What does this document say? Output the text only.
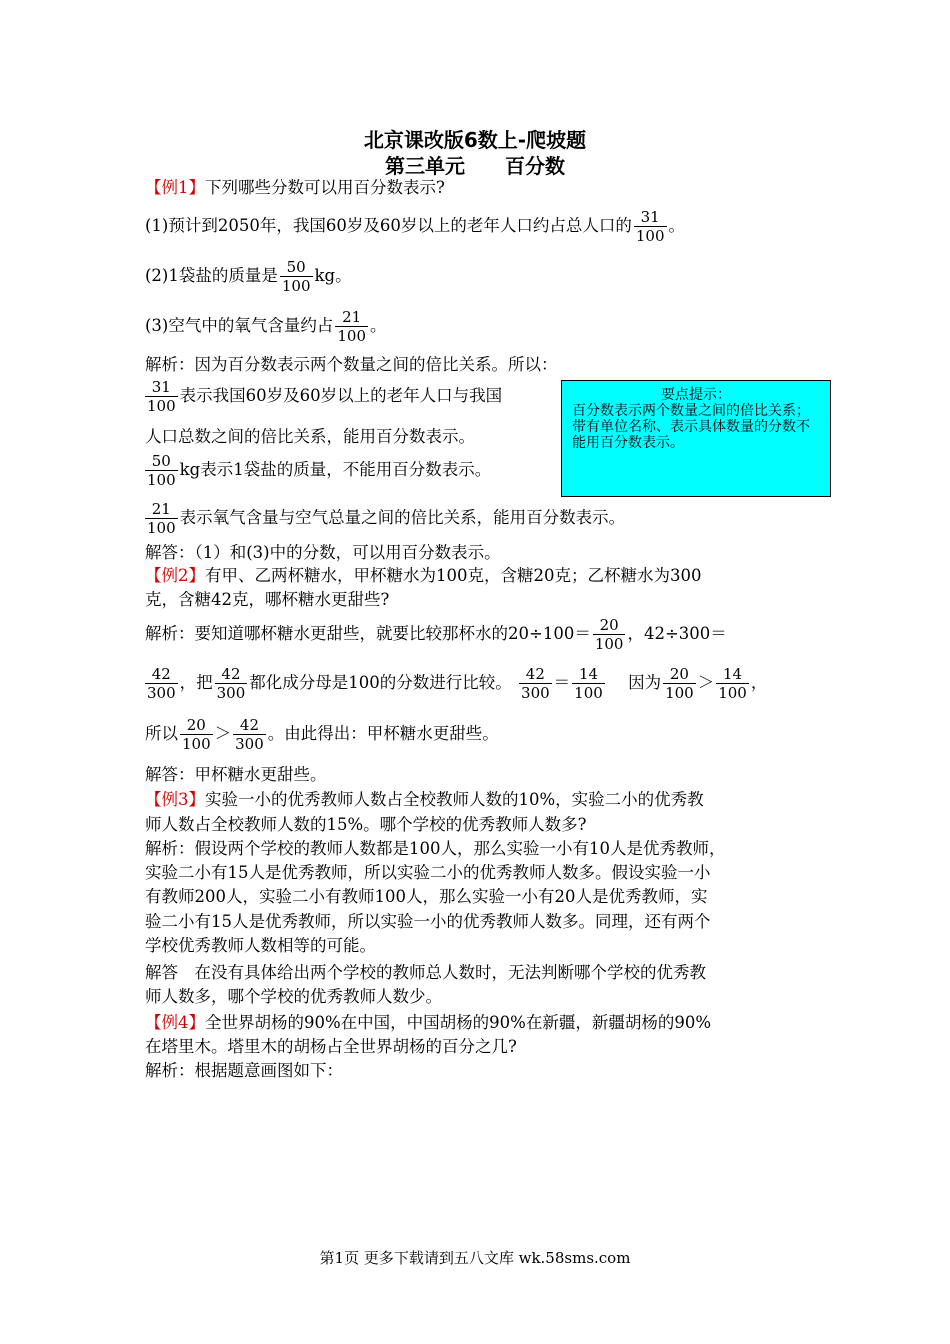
北京课改版6数上-爬坡题
第三单元　　百分数
【例1】下列哪些分数可以用百分数表示?
(1)预计到2050年，我国60岁及60岁以上的老年人口约占总人口的 $\frac{31}{100}$ 。
(2)1袋盐的质量是 $\frac{50}{100}$ kg。
(3)空气中的氧气含量约占 $\frac{21}{100}$ 。
解析：因为百分数表示两个数量之间的倍比关系。所以：
$\frac{31}{100}$ 表示我国60岁及60岁以上的老年人口与我国
人口总数之间的倍比关系，能用百分数表示。
$\frac{50}{100}$ kg表示1袋盐的质量，不能用百分数表示。
$\frac{21}{100}$ 表示氧气含量与空气总量之间的倍比关系，能用百分数表示。
解答：（1）和(3)中的分数，可以用百分数表示。
要点提示：
百分数表示两个数量之间的倍比关系；带有单位名称、表示具体数量的分数不能用百分数表示。
【例2】有甲、乙两杯糖水，甲杯糖水为100克，含糖20克；乙杯糖水为300
克，含糖42克，哪杯糖水更甜些?
解析：要知道哪杯糖水更甜些，就要比较那杯水的$20\div 100= \frac{20}{100}$ ，42÷300＝
$\frac{42}{300}$ ，把 $\frac{42}{300}$ 都化成分母是100的分数进行比较。 $\frac{42}{300} = \frac{14}{100}$ 因为 $\frac{20}{100} > \frac{14}{100}$ ，
所以 $\frac{20}{100} > \frac{42}{300}$ 。由此得出：甲杯糖水更甜些。
解答：甲杯糖水更甜些。
【例3】实验一小的优秀教师人数占全校教师人数的10%，实验二小的优秀教
师人数占全校教师人数的15%。哪个学校的优秀教师人数多?
解析：假设两个学校的教师人数都是100人，那么实验一小有10人是优秀教师，
实验二小有15人是优秀教师，所以实验二小的优秀教师人数多。假设实验一小
有教师200人，实验二小有教师100人，那么实验一小有20人是优秀教师，实
验二小有15人是优秀教师，所以实验一小的优秀教师人数多。同理，还有两个
学校优秀教师人数相等的可能。
解答　在没有具体给出两个学校的教师总人数时，无法判断哪个学校的优秀教
师人数多，哪个学校的优秀教师人数少。
【例4】全世界胡杨的90%在中国，中国胡杨的90%在新疆，新疆胡杨的90%
在塔里木。塔里木的胡杨占全世界胡杨的百分之几?
解析：根据题意画图如下：
第1页 更多下载请到五八文库 wk.58sms.com
